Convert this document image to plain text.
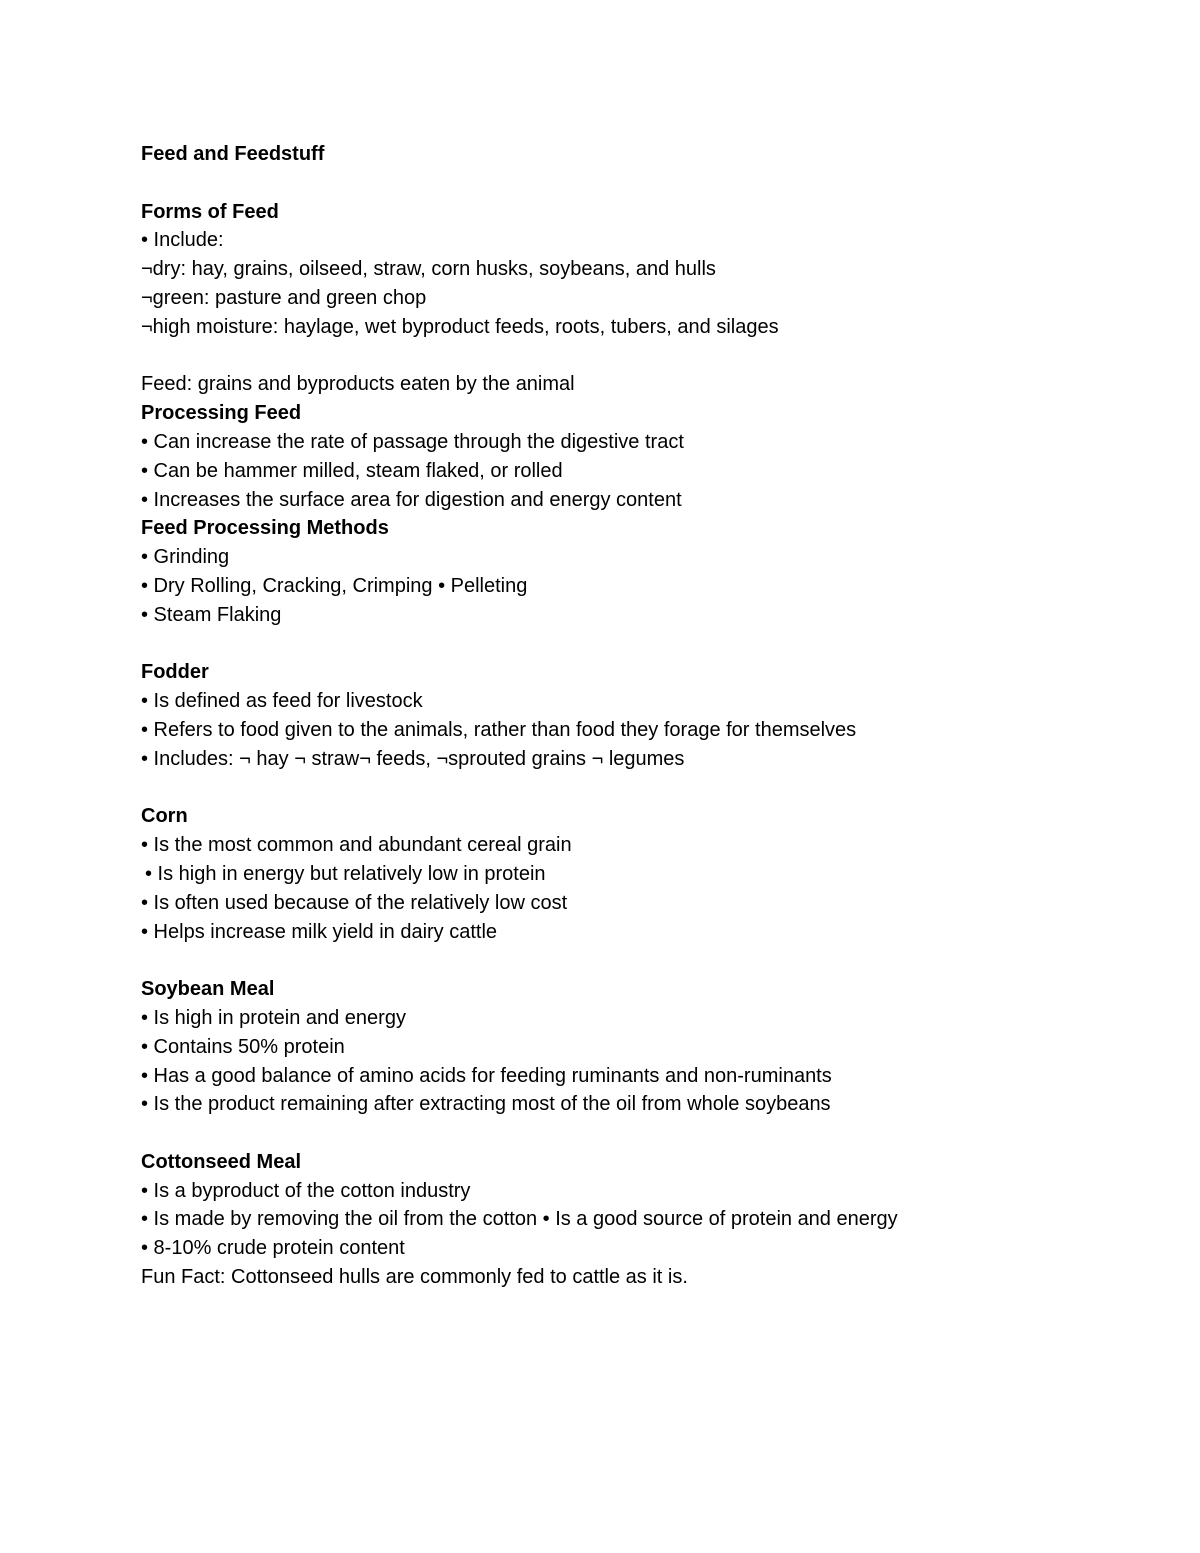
Feed and Feedstuff
Forms of Feed
• Include:
¬dry: hay, grains, oilseed, straw, corn husks, soybeans, and hulls
¬green: pasture and green chop
¬high moisture: haylage, wet byproduct feeds, roots, tubers, and silages
Feed: grains and byproducts eaten by the animal
Processing Feed
• Can increase the rate of passage through the digestive tract
• Can be hammer milled, steam flaked, or rolled
• Increases the surface area for digestion and energy content
Feed Processing Methods
• Grinding
• Dry Rolling, Cracking, Crimping • Pelleting
• Steam Flaking
Fodder
• Is defined as feed for livestock
• Refers to food given to the animals, rather than food they forage for themselves
• Includes: ¬ hay ¬ straw¬ feeds, ¬sprouted grains ¬ legumes
Corn
• Is the most common and abundant cereal grain
• Is high in energy but relatively low in protein
• Is often used because of the relatively low cost
• Helps increase milk yield in dairy cattle
Soybean Meal
• Is high in protein and energy
• Contains 50% protein
• Has a good balance of amino acids for feeding ruminants and non-ruminants
• Is the product remaining after extracting most of the oil from whole soybeans
Cottonseed Meal
• Is a byproduct of the cotton industry
• Is made by removing the oil from the cotton • Is a good source of protein and energy
• 8-10% crude protein content
Fun Fact: Cottonseed hulls are commonly fed to cattle as it is.
